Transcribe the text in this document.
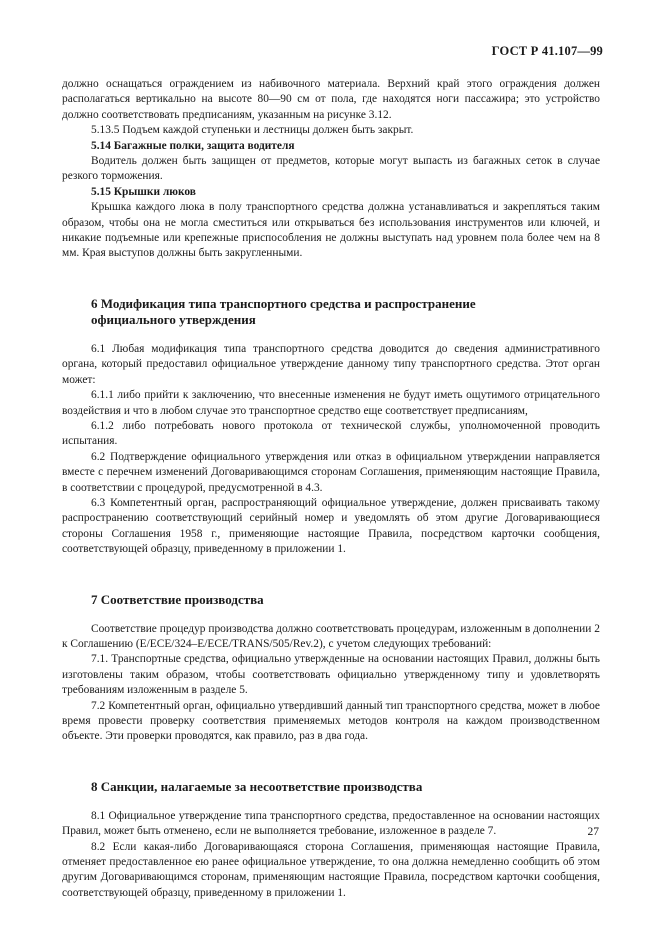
ГОСТ Р 41.107—99

должно оснащаться ограждением из набивочного материала. Верхний край этого ограждения должен располагаться вертикально на высоте 80—90 см от пола, где находятся ноги пассажира; это устройство должно соответствовать предписаниям, указанным на рисунке 3.12.

5.13.5 Подъем каждой ступеньки и лестницы должен быть закрыт.

5.14 Багажные полки, защита водителя

Водитель должен быть защищен от предметов, которые могут выпасть из багажных сеток в случае резкого торможения.

5.15 Крышки люков

Крышка каждого люка в полу транспортного средства должна устанавливаться и закрепляться таким образом, чтобы она не могла сместиться или открываться без использования инструментов или ключей, и никакие подъемные или крепежные приспособления не должны выступать над уровнем пола более чем на 8 мм. Края выступов должны быть закругленными.

6 Модификация типа транспортного средства и распространение
официального утверждения

6.1 Любая модификация типа транспортного средства доводится до сведения административного органа, который предоставил официальное утверждение данному типу транспортного средства. Этот орган может:

6.1.1 либо прийти к заключению, что внесенные изменения не будут иметь ощутимого отрицательного воздействия и что в любом случае это транспортное средство еще соответствует предписаниям,

6.1.2 либо потребовать нового протокола от технической службы, уполномоченной проводить испытания.

6.2 Подтверждение официального утверждения или отказ в официальном утверждении направляется вместе с перечнем изменений Договаривающимся сторонам Соглашения, применяющим настоящие Правила, в соответствии с процедурой, предусмотренной в 4.3.

6.3 Компетентный орган, распространяющий официальное утверждение, должен присваивать такому распространению соответствующий серийный номер и уведомлять об этом другие Договаривающиеся стороны Соглашения 1958 г., применяющие настоящие Правила, посредством карточки сообщения, соответствующей образцу, приведенному в приложении 1.

7 Соответствие производства

Соответствие процедур производства должно соответствовать процедурам, изложенным в дополнении 2 к Соглашению (E/ECE/324–E/ECE/TRANS/505/Rev.2), с учетом следующих требований:

7.1. Транспортные средства, официально утвержденные на основании настоящих Правил, должны быть изготовлены таким образом, чтобы соответствовать официально утвержденному типу и удовлетворять требованиям изложенным в разделе 5.

7.2 Компетентный орган, официально утвердивший данный тип транспортного средства, может в любое время провести проверку соответствия применяемых методов контроля на каждом производственном объекте. Эти проверки проводятся, как правило, раз в два года.

8 Санкции, налагаемые за несоответствие производства

8.1 Официальное утверждение типа транспортного средства, предоставленное на основании настоящих Правил, может быть отменено, если не выполняется требование, изложенное в разделе 7.

8.2 Если какая-либо Договаривающаяся сторона Соглашения, применяющая настоящие Правила, отменяет предоставленное ею ранее официальное утверждение, то она должна немедленно сообщить об этом другим Договаривающимся сторонам, применяющим настоящие Правила, посредством карточки сообщения, соответствующей образцу, приведенному в приложении 1.

27
